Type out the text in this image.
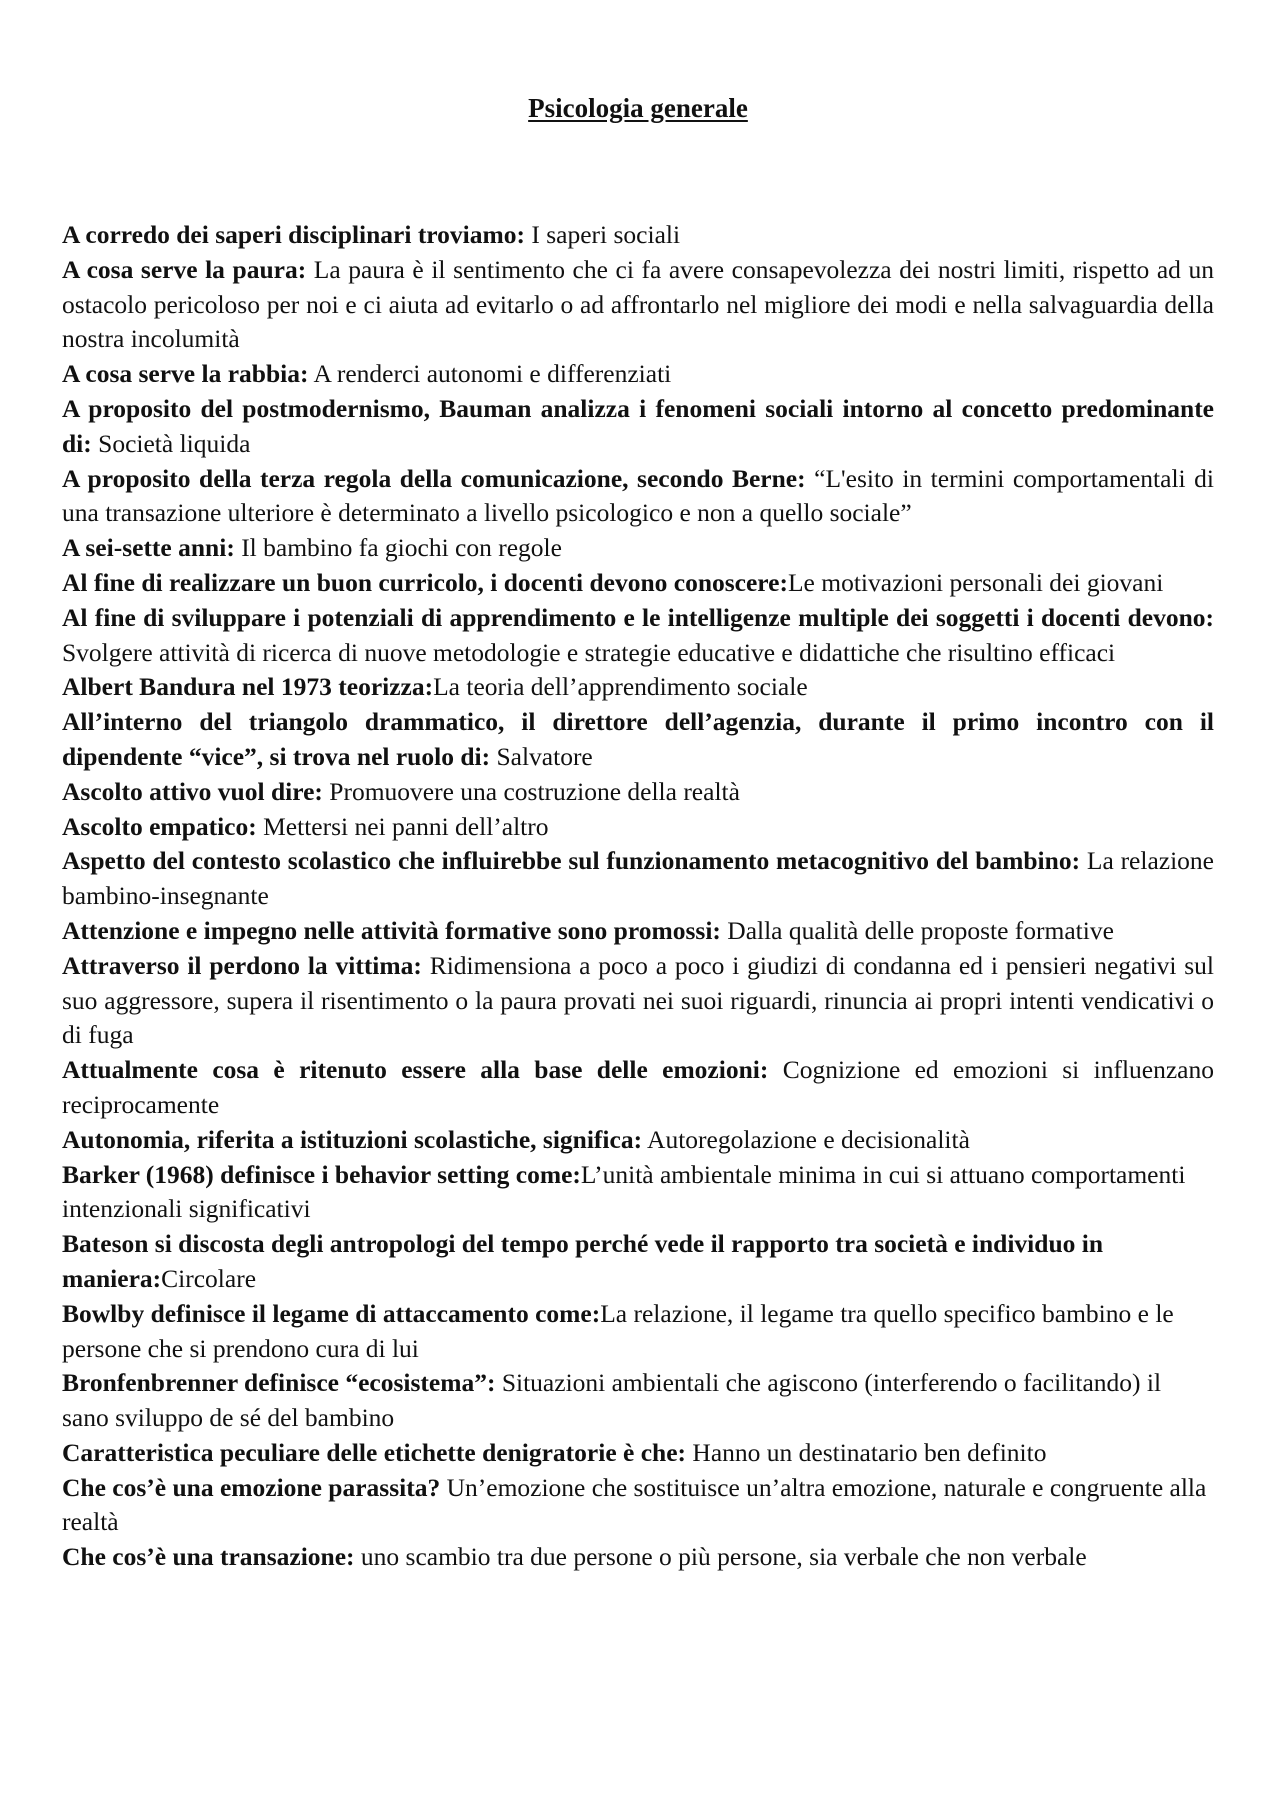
Psicologia generale

A corredo dei saperi disciplinari troviamo: I saperi sociali

A cosa serve la paura: La paura è il sentimento che ci fa avere consapevolezza dei nostri limiti, rispetto ad un ostacolo pericoloso per noi e ci aiuta ad evitarlo o ad affrontarlo nel migliore dei modi e nella salvaguardia della nostra incolumità

A cosa serve la rabbia: A renderci autonomi e differenziati

A proposito del postmodernismo, Bauman analizza i fenomeni sociali intorno al concetto predominante di: Società liquida

A proposito della terza regola della comunicazione, secondo Berne: “L'esito in termini comportamentali di una transazione ulteriore è determinato a livello psicologico e non a quello sociale”

A sei-sette anni: Il bambino fa giochi con regole

Al fine di realizzare un buon curricolo, i docenti devono conoscere:Le motivazioni personali dei giovani

Al fine di sviluppare i potenziali di apprendimento e le intelligenze multiple dei soggetti i docenti devono: Svolgere attività di ricerca di nuove metodologie e strategie educative e didattiche che risultino efficaci

Albert Bandura nel 1973 teorizza:La teoria dell’apprendimento sociale

All’interno del triangolo drammatico, il direttore dell’agenzia, durante il primo incontro con il dipendente “vice”, si trova nel ruolo di: Salvatore

Ascolto attivo vuol dire: Promuovere una costruzione della realtà

Ascolto empatico: Mettersi nei panni dell’altro

Aspetto del contesto scolastico che influirebbe sul funzionamento metacognitivo del bambino: La relazione bambino-insegnante

Attenzione e impegno nelle attività formative sono promossi: Dalla qualità delle proposte formative

Attraverso il perdono la vittima: Ridimensiona a poco a poco i giudizi di condanna ed i pensieri negativi sul suo aggressore, supera il risentimento o la paura provati nei suoi riguardi, rinuncia ai propri intenti vendicativi o di fuga

Attualmente cosa è ritenuto essere alla base delle emozioni: Cognizione ed emozioni si influenzano reciprocamente

Autonomia, riferita a istituzioni scolastiche, significa: Autoregolazione e decisionalità

Barker (1968) definisce i behavior setting come:L’unità ambientale minima in cui si attuano comportamenti intenzionali significativi

Bateson si discosta degli antropologi del tempo perché vede il rapporto tra società e individuo in maniera:Circolare

Bowlby definisce il legame di attaccamento come:La relazione, il legame tra quello specifico bambino e le persone che si prendono cura di lui

Bronfenbrenner definisce “ecosistema”: Situazioni ambientali che agiscono (interferendo o facilitando) il sano sviluppo de sé del bambino

Caratteristica peculiare delle etichette denigratorie è che: Hanno un destinatario ben definito

Che cos’è una emozione parassita? Un’emozione che sostituisce un’altra emozione, naturale e congruente alla realtà

Che cos’è una transazione: uno scambio tra due persone o più persone, sia verbale che non verbale
